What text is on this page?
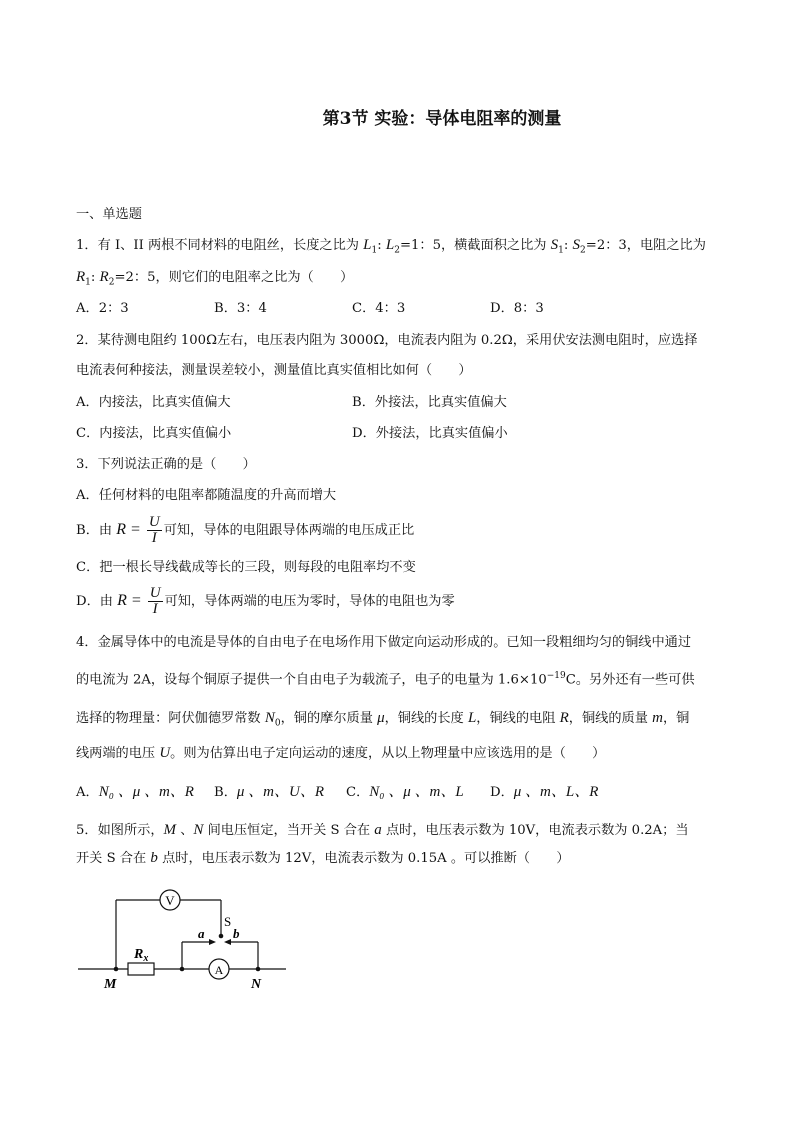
第3节 实验：导体电阻率的测量
一、单选题
1．有 I、II 两根不同材料的电阻丝，长度之比为 $L_1$: $L_2=1$：5，横截面积之比为 $S_1$: $S_2=2$：3，电阻之比为
$R_1$: $R_2=2$：5，则它们的电阻率之比为（　　）
A．2：3	B．3：4	C．4：3	D．8：3
2．某待测电阻约 100Ω左右，电压表内阻为 3000Ω，电流表内阻为 0.2Ω，采用伏安法测电阻时，应选择
电流表何种接法，测量误差较小，测量值比真实值相比如何（　　）
A．内接法，比真实值偏大	B．外接法，比真实值偏大
C．内接法，比真实值偏小	D．外接法，比真实值偏小
3．下列说法正确的是（　　）
A．任何材料的电阻率都随温度的升高而增大
B．由 $R = \frac{U}{I}$ 可知，导体的电阻跟导体两端的电压成正比
C．把一根长导线截成等长的三段，则每段的电阻率均不变
D．由 $R = \frac{U}{I}$ 可知，导体两端的电压为零时，导体的电阻也为零
4．金属导体中的电流是导体的自由电子在电场作用下做定向运动形成的。已知一段粗细均匀的铜线中通过
的电流为 2A，设每个铜原子提供一个自由电子为载流子，电子的电量为 $1.6\times 10^{-19}C$。另外还有一些可供
选择的物理量：阿伏伽德罗常数 $N_0$，铜的摩尔质量 μ，铜线的长度 L，铜线的电阻 R，铜线的质量 m，铜
线两端的电压 U。则为估算出电子定向运动的速度，从以上物理量中应该选用的是（　　）
A．N₀ 、μ 、m、R B．μ 、m、U、R C．N₀ 、μ 、m、L D．μ 、m、L、R
5．如图所示，M 、N 间电压恒定，当开关 S 合在 a 点时，电压表示数为 10V，电流表示数为 0.2A；当
开关 S 合在 b 点时，电压表示数为 12V，电流表示数为 0.15A 。可以推断（　　）
V
A
S
a b
$R_x$
M	N
